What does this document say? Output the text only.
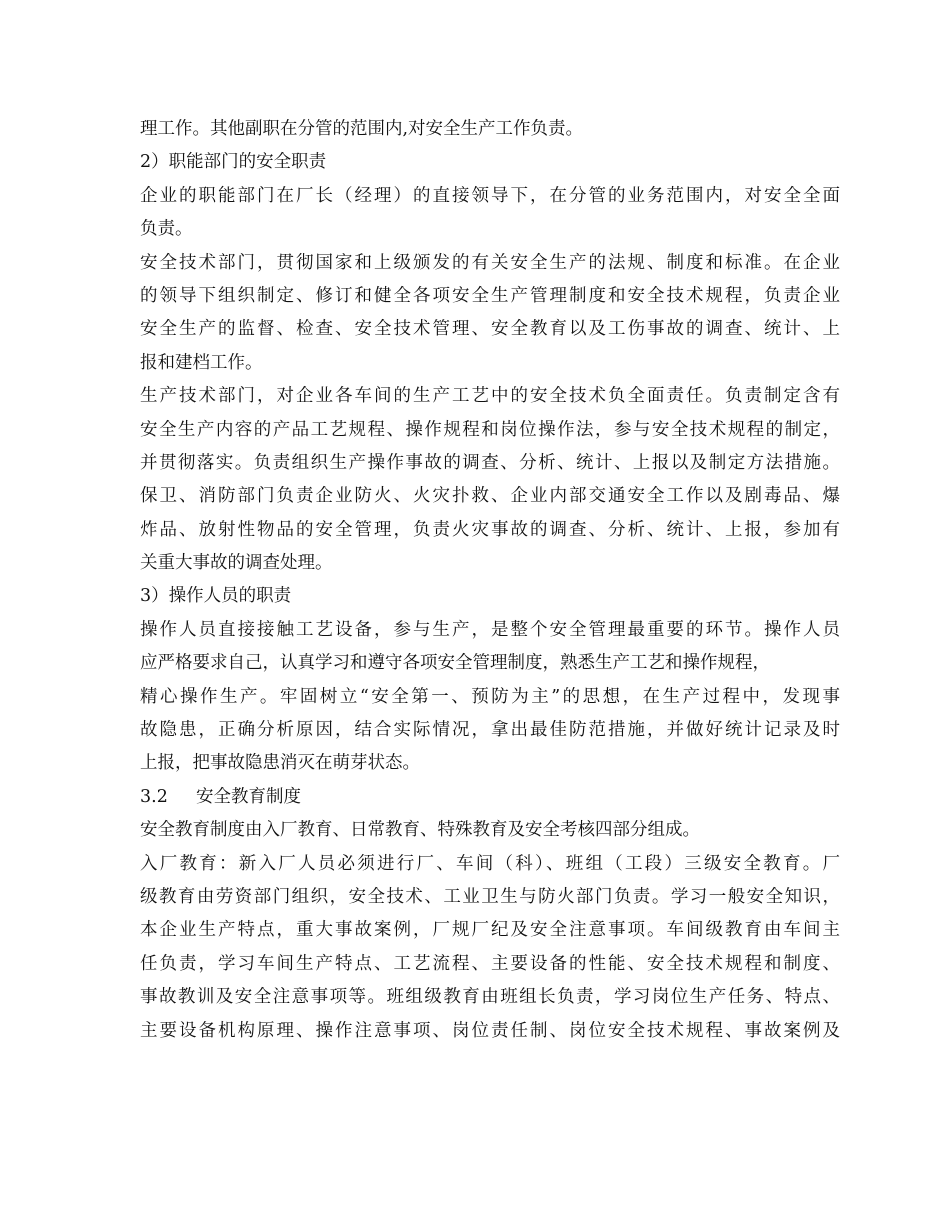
理工作。其他副职在分管的范围内,对安全生产工作负责。
2）职能部门的安全职责
企业的职能部门在厂长（经理）的直接领导下，在分管的业务范围内，对安全全面
负责。
安全技术部门，贯彻国家和上级颁发的有关安全生产的法规、制度和标准。在企业
的领导下组织制定、修订和健全各项安全生产管理制度和安全技术规程，负责企业
安全生产的监督、检查、安全技术管理、安全教育以及工伤事故的调查、统计、上
报和建档工作。
生产技术部门，对企业各车间的生产工艺中的安全技术负全面责任。负责制定含有
安全生产内容的产品工艺规程、操作规程和岗位操作法，参与安全技术规程的制定，
并贯彻落实。负责组织生产操作事故的调查、分析、统计、上报以及制定方法措施。
保卫、消防部门负责企业防火、火灾扑救、企业内部交通安全工作以及剧毒品、爆
炸品、放射性物品的安全管理，负责火灾事故的调查、分析、统计、上报，参加有
关重大事故的调查处理。
3）操作人员的职责
操作人员直接接触工艺设备，参与生产，是整个安全管理最重要的环节。操作人员
应严格要求自己，认真学习和遵守各项安全管理制度，熟悉生产工艺和操作规程，
精心操作生产。牢固树立“安全第一、预防为主”的思想，在生产过程中，发现事
故隐患，正确分析原因，结合实际情况，拿出最佳防范措施，并做好统计记录及时
上报，把事故隐患消灭在萌芽状态。
3.2 安全教育制度
安全教育制度由入厂教育、日常教育、特殊教育及安全考核四部分组成。
入厂教育：新入厂人员必须进行厂、车间（科）、班组（工段）三级安全教育。厂
级教育由劳资部门组织，安全技术、工业卫生与防火部门负责。学习一般安全知识，
本企业生产特点，重大事故案例，厂规厂纪及安全注意事项。车间级教育由车间主
任负责，学习车间生产特点、工艺流程、主要设备的性能、安全技术规程和制度、
事故教训及安全注意事项等。班组级教育由班组长负责，学习岗位生产任务、特点、
主要设备机构原理、操作注意事项、岗位责任制、岗位安全技术规程、事故案例及
